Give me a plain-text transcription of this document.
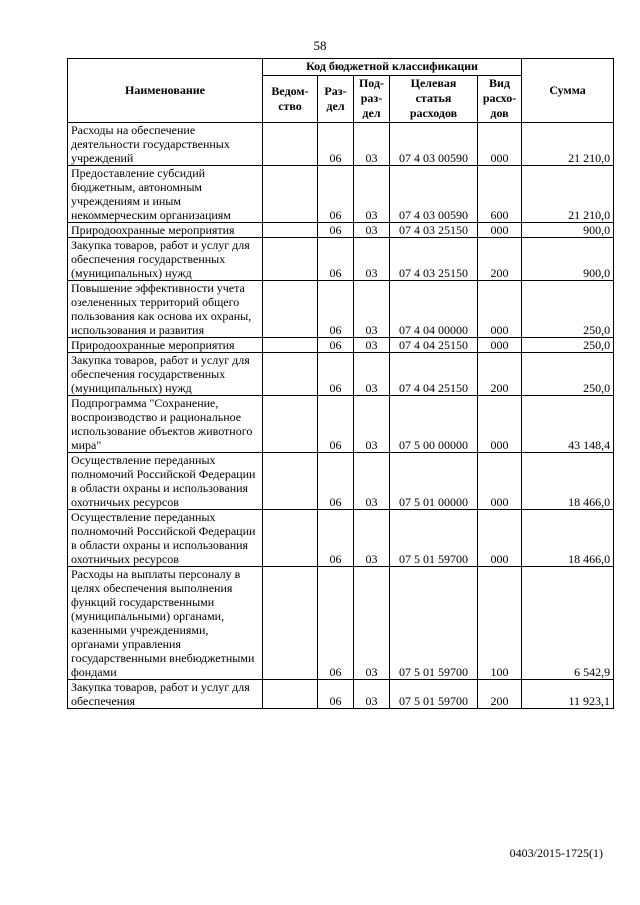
58
Наименование	Код бюджетной классификации					Сумма
	Ведом-ство	Раз-дел	Под-раз-дел	Целевая статья расходов	Вид расхо-дов	
Расходы на обеспечение деятельности государственных учреждений		06	03	07 4 03 00590	000	21 210,0
Предоставление субсидий бюджетным, автономным учреждениям и иным некоммерческим организациям		06	03	07 4 03 00590	600	21 210,0
Природоохранные мероприятия		06	03	07 4 03 25150	000	900,0
Закупка товаров, работ и услуг для обеспечения государственных (муниципальных) нужд		06	03	07 4 03 25150	200	900,0
Повышение эффективности учета озелененных территорий общего пользования как основа их охраны, использования и развития		06	03	07 4 04 00000	000	250,0
Природоохранные мероприятия		06	03	07 4 04 25150	000	250,0
Закупка товаров, работ и услуг для обеспечения государственных (муниципальных) нужд		06	03	07 4 04 25150	200	250,0
Подпрограмма "Сохранение, воспроизводство и рациональное использование объектов животного мира"		06	03	07 5 00 00000	000	43 148,4
Осуществление переданных полномочий Российской Федерации в области охраны и использования охотничьих ресурсов		06	03	07 5 01 00000	000	18 466,0
Осуществление переданных полномочий Российской Федерации в области охраны и использования охотничьих ресурсов		06	03	07 5 01 59700	000	18 466,0
Расходы на выплаты персоналу в целях обеспечения выполнения функций государственными (муниципальными) органами, казенными учреждениями, органами управления государственными внебюджетными фондами		06	03	07 5 01 59700	100	6 542,9
Закупка товаров, работ и услуг для обеспечения		06	03	07 5 01 59700	200	11 923,1
0403/2015-1725(1)
